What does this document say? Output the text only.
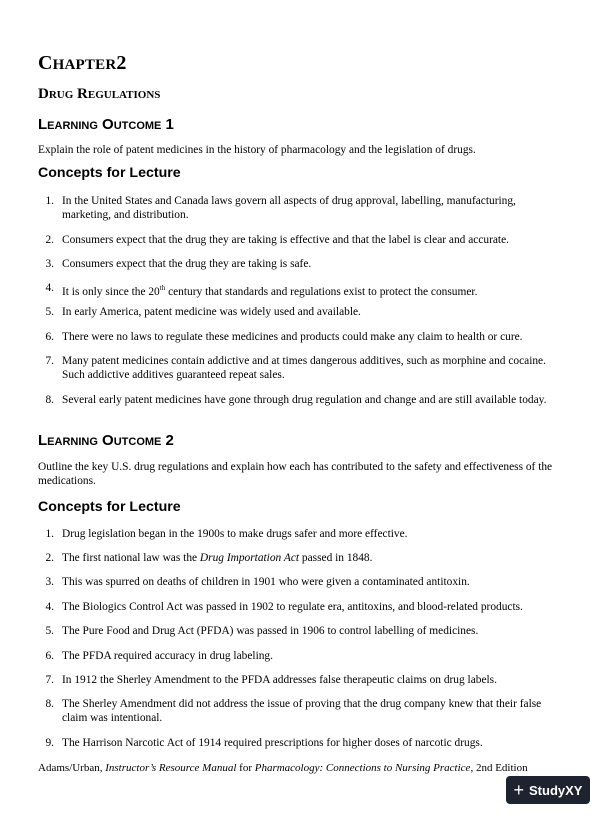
CHAPTER2
Drug Regulations
Learning Outcome 1
Explain the role of patent medicines in the history of pharmacology and the legislation of drugs.
Concepts for Lecture
1. In the United States and Canada laws govern all aspects of drug approval, labelling, manufacturing, marketing, and distribution.
2. Consumers expect that the drug they are taking is effective and that the label is clear and accurate.
3. Consumers expect that the drug they are taking is safe.
4. It is only since the 20th century that standards and regulations exist to protect the consumer.
5. In early America, patent medicine was widely used and available.
6. There were no laws to regulate these medicines and products could make any claim to health or cure.
7. Many patent medicines contain addictive and at times dangerous additives, such as morphine and cocaine. Such addictive additives guaranteed repeat sales.
8. Several early patent medicines have gone through drug regulation and change and are still available today.
Learning Outcome 2
Outline the key U.S. drug regulations and explain how each has contributed to the safety and effectiveness of the medications.
Concepts for Lecture
1. Drug legislation began in the 1900s to make drugs safer and more effective.
2. The first national law was the Drug Importation Act passed in 1848.
3. This was spurred on deaths of children in 1901 who were given a contaminated antitoxin.
4. The Biologics Control Act was passed in 1902 to regulate era, antitoxins, and blood-related products.
5. The Pure Food and Drug Act (PFDA) was passed in 1906 to control labelling of medicines.
6. The PFDA required accuracy in drug labeling.
7. In 1912 the Sherley Amendment to the PFDA addresses false therapeutic claims on drug labels.
8. The Sherley Amendment did not address the issue of proving that the drug company knew that their false claim was intentional.
9. The Harrison Narcotic Act of 1914 required prescriptions for higher doses of narcotic drugs.
Adams/Urban, Instructor’s Resource Manual for Pharmacology: Connections to Nursing Practice, 2nd Edition
+ StudyXY
